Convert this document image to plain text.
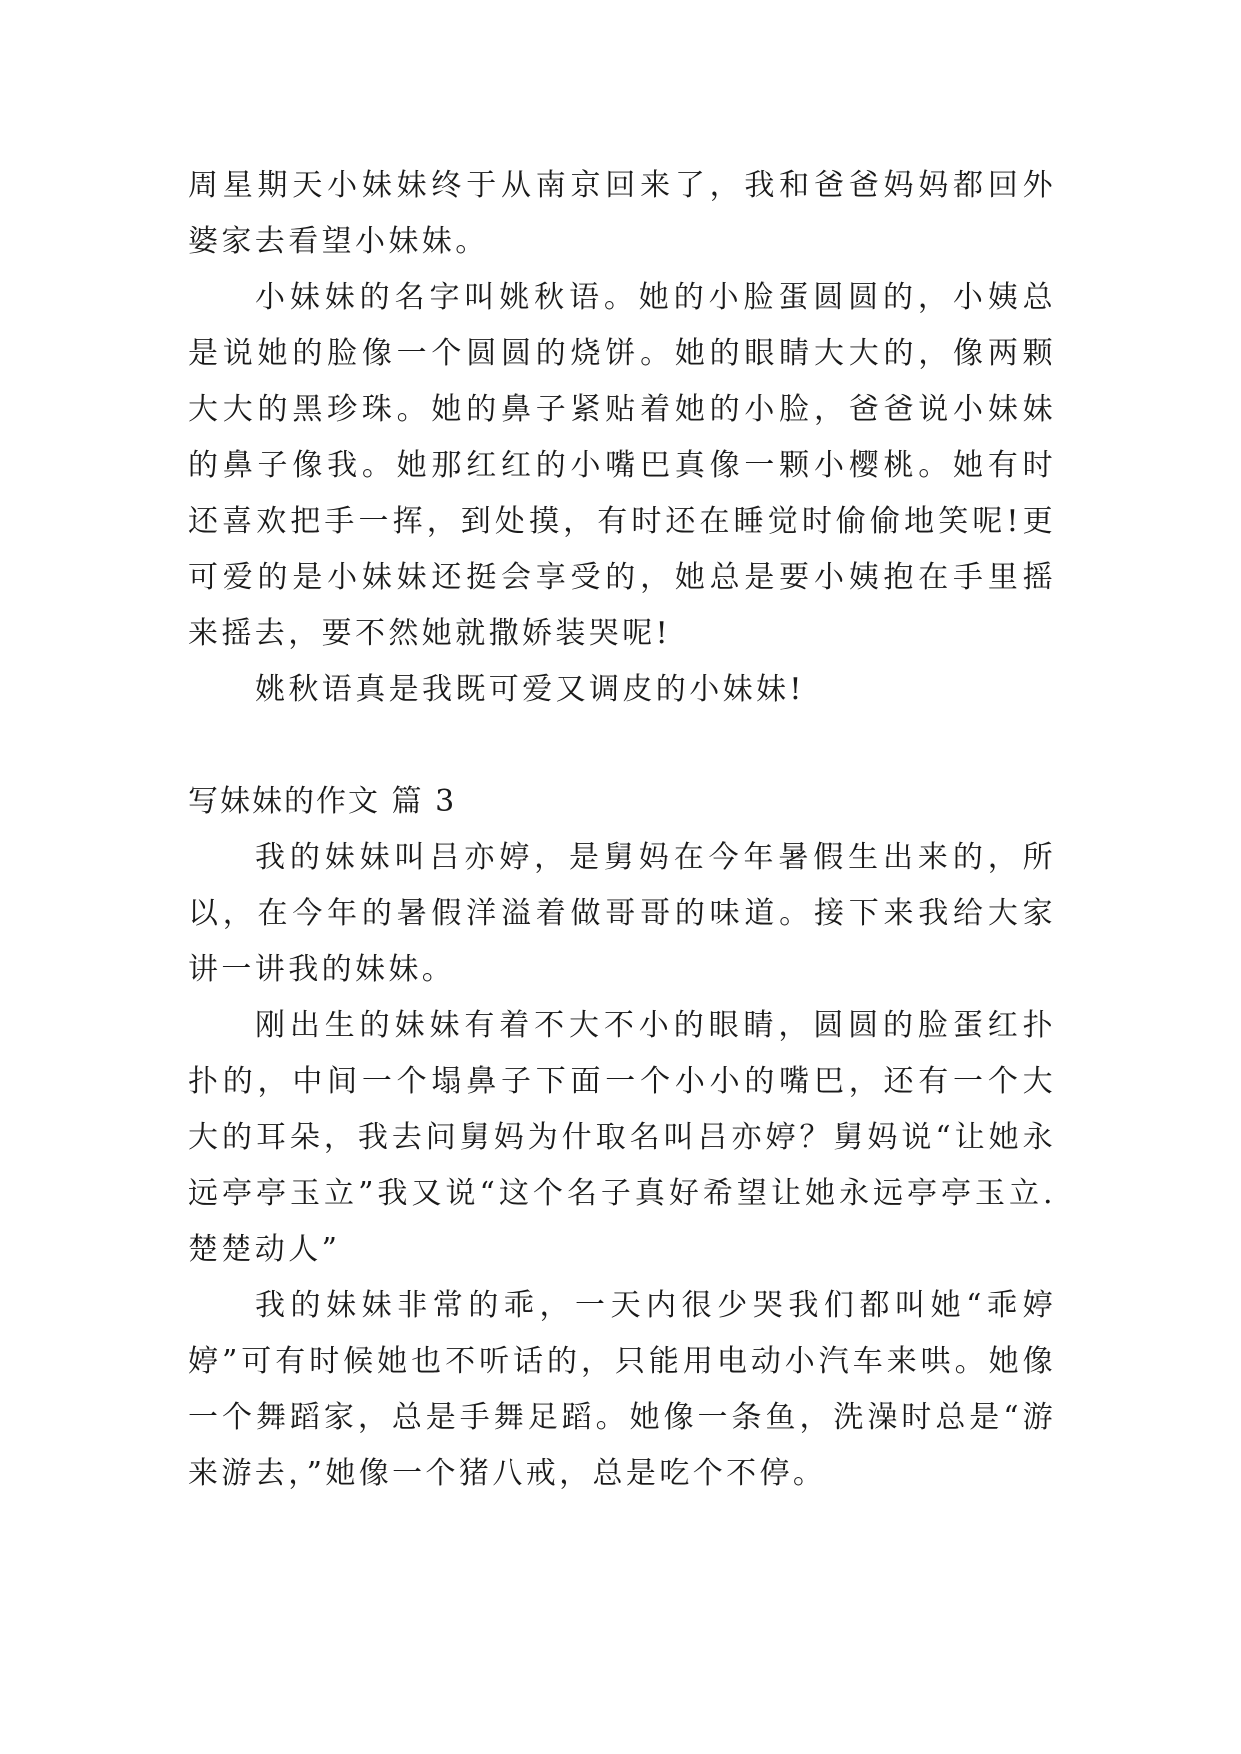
周星期天小妹妹终于从南京回来了，我和爸爸妈妈都回外婆家去看望小妹妹。

小妹妹的名字叫姚秋语。她的小脸蛋圆圆的，小姨总是说她的脸像一个圆圆的烧饼。她的眼睛大大的，像两颗大大的黑珍珠。她的鼻子紧贴着她的小脸，爸爸说小妹妹的鼻子像我。她那红红的小嘴巴真像一颗小樱桃。她有时还喜欢把手一挥，到处摸，有时还在睡觉时偷偷地笑呢!更可爱的是小妹妹还挺会享受的，她总是要小姨抱在手里摇来摇去，要不然她就撒娇装哭呢!

姚秋语真是我既可爱又调皮的小妹妹!

写妹妹的作文 篇 3

我的妹妹叫吕亦婷，是舅妈在今年暑假生出来的，所以，在今年的暑假洋溢着做哥哥的味道。接下来我给大家讲一讲我的妹妹。

刚出生的妹妹有着不大不小的眼睛，圆圆的脸蛋红扑扑的，中间一个塌鼻子下面一个小小的嘴巴，还有一个大大的耳朵，我去问舅妈为什取名叫吕亦婷？舅妈说“让她永远亭亭玉立”我又说“这个名子真好希望让她永远亭亭玉立.楚楚动人”

我的妹妹非常的乖，一天内很少哭我们都叫她“乖婷婷”可有时候她也不听话的，只能用电动小汽车来哄。她像一个舞蹈家，总是手舞足蹈。她像一条鱼，洗澡时总是“游来游去，”她像一个猪八戒，总是吃个不停。
